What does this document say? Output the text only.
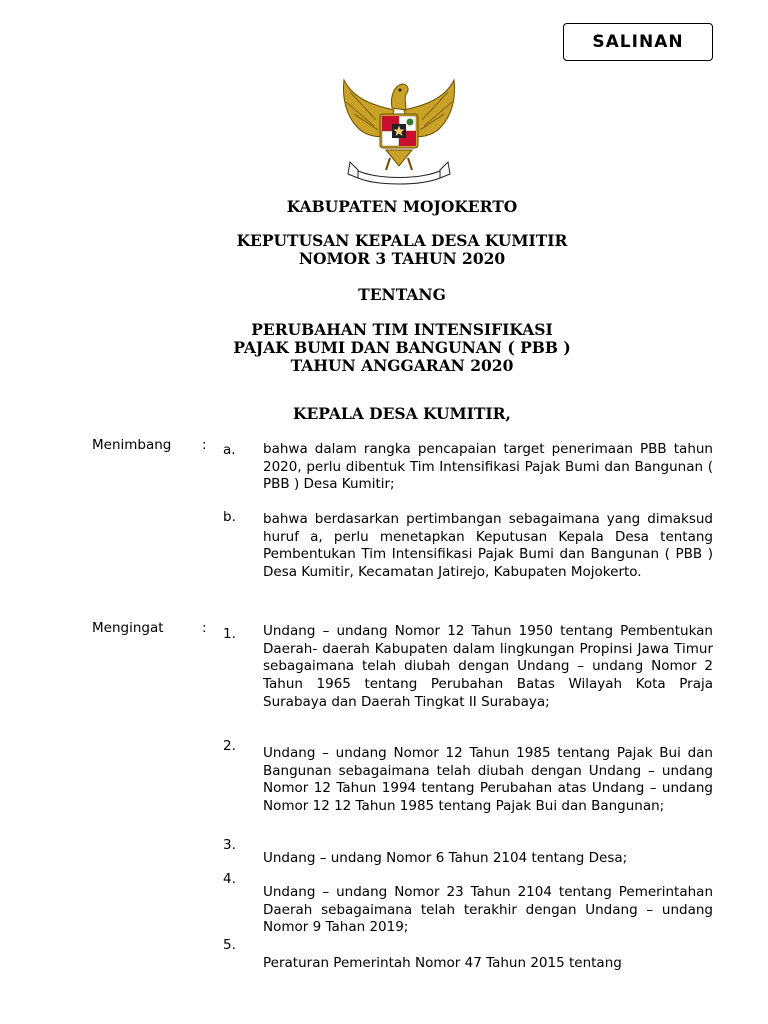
SALINAN
KABUPATEN MOJOKERTO
KEPUTUSAN KEPALA DESA KUMITIR
NOMOR 3 TAHUN 2020
TENTANG
PERUBAHAN TIM INTENSIFIKASI
PAJAK BUMI DAN BANGUNAN ( PBB )
TAHUN ANGGARAN 2020
KEPALA DESA KUMITIR,
Menimbang : a. bahwa dalam rangka pencapaian target penerimaan PBB tahun 2020, perlu dibentuk Tim Intensifikasi Pajak Bumi dan Bangunan ( PBB ) Desa Kumitir;
b. bahwa berdasarkan pertimbangan sebagaimana yang dimaksud huruf a, perlu menetapkan Keputusan Kepala Desa tentang Pembentukan Tim Intensifikasi Pajak Bumi dan Bangunan ( PBB ) Desa Kumitir, Kecamatan Jatirejo, Kabupaten Mojokerto.
Mengingat	: 1. Undang – undang Nomor 12 Tahun 1950 tentang Pembentukan Daerah- daerah Kabupaten dalam lingkungan Propinsi Jawa Timur sebagaimana telah diubah dengan Undang – undang Nomor 2 Tahun 1965 tentang Perubahan Batas Wilayah Kota Praja Surabaya dan Daerah Tingkat II Surabaya;
2. Undang – undang Nomor 12 Tahun 1985 tentang Pajak Bui dan Bangunan sebagaimana telah diubah dengan Undang – undang Nomor 12 Tahun 1994 tentang Perubahan atas Undang – undang Nomor 12 12 Tahun 1985 tentang Pajak Bui dan Bangunan;
3.
Undang – undang Nomor 6 Tahun 2104 tentang Desa;
4.
Undang – undang Nomor 23 Tahun 2104 tentang Pemerintahan Daerah sebagaimana telah terakhir dengan Undang – undang Nomor 9 Tahan 2019;
5.
Peraturan Pemerintah Nomor 47 Tahun 2015 tentang
